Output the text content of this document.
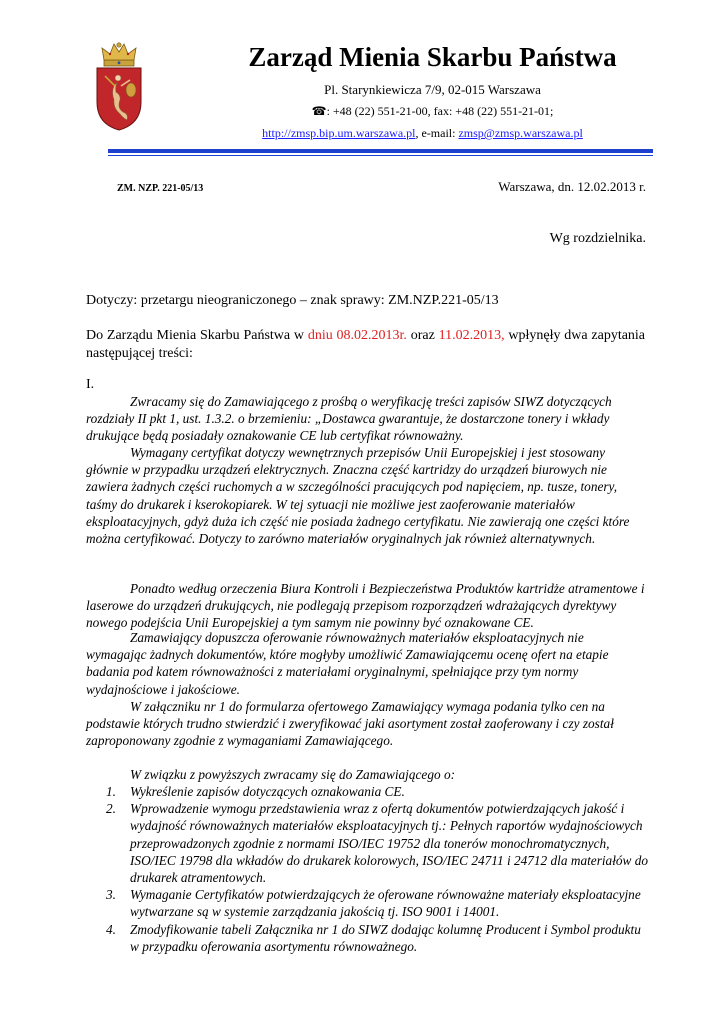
Zarząd Mienia Skarbu Państwa
Pl. Starynkiewicza 7/9, 02-015 Warszawa
☎: +48 (22) 551-21-00, fax: +48 (22) 551-21-01;
http://zmsp.bip.um.warszawa.pl, e-mail: zmsp@zmsp.warszawa.pl
ZM. NZP. 221-05/13	Warszawa, dn. 12.02.2013 r.
Wg rozdzielnika.
Dotyczy: przetargu nieograniczonego – znak sprawy: ZM.NZP.221-05/13
Do Zarządu Mienia Skarbu Państwa w dniu 08.02.2013r. oraz 11.02.2013, wpłynęły dwa zapytania następującej treści:
I.
Zwracamy się do Zamawiającego z prośbą o weryfikację treści zapisów SIWZ dotyczących rozdziały II pkt 1, ust. 1.3.2. o brzemieniu: „Dostawca gwarantuje, że dostarczone tonery i wkłady drukujące będą posiadały oznakowanie CE lub certyfikat równoważny.
Wymagany certyfikat dotyczy wewnętrznych przepisów Unii Europejskiej i jest stosowany głównie w przypadku urządzeń elektrycznych. Znaczna część kartridzy do urządzeń biurowych nie zawiera żadnych części ruchomych a w szczególności pracujących pod napięciem, np. tusze, tonery, taśmy do drukarek i kserokopiarek. W tej sytuacji nie możliwe jest zaoferowanie materiałów eksploatacyjnych, gdyż duża ich część nie posiada żadnego certyfikatu. Nie zawierają one części które można certyfikować. Dotyczy to zarówno materiałów oryginalnych jak również alternatywnych.
Ponadto według orzeczenia Biura Kontroli i Bezpieczeństwa Produktów kartridże atramentowe i laserowe do urządzeń drukujących, nie podlegają przepisom rozporządzeń wdrażających dyrektywy nowego podejścia Unii Europejskiej a tym samym nie powinny być oznakowane CE.
Zamawiający dopuszcza oferowanie równoważnych materiałów eksploatacyjnych nie wymagając żadnych dokumentów, które mogłyby umożliwić Zamawiającemu ocenę ofert na etapie badania pod katem równoważności z materiałami oryginalnymi, spełniające przy tym normy wydajnościowe i jakościowe.
W załączniku nr 1 do formularza ofertowego Zamawiający wymaga podania tylko cen na podstawie których trudno stwierdzić i zweryfikować jaki asortyment został zaoferowany i czy został zaproponowany zgodnie z wymaganiami Zamawiającego.
W związku z powyższych zwracamy się do Zamawiającego o:
1. Wykreślenie zapisów dotyczących oznakowania CE.
2. Wprowadzenie wymogu przedstawienia wraz z ofertą dokumentów potwierdzających jakość i wydajność równoważnych materiałów eksploatacyjnych tj.: Pełnych raportów wydajnościowych przeprowadzonych zgodnie z normami ISO/IEC 19752 dla tonerów monochromatycznych, ISO/IEC 19798 dla wkładów do drukarek kolorowych, ISO/IEC 24711 i 24712 dla materiałów do drukarek atramentowych.
3. Wymaganie Certyfikatów potwierdzających że oferowane równoważne materiały eksploatacyjne wytwarzane są w systemie zarządzania jakością tj. ISO 9001 i 14001.
4. Zmodyfikowanie tabeli Załącznika nr 1 do SIWZ dodając kolumnę Producent i Symbol produktu w przypadku oferowania asortymentu równoważnego.
